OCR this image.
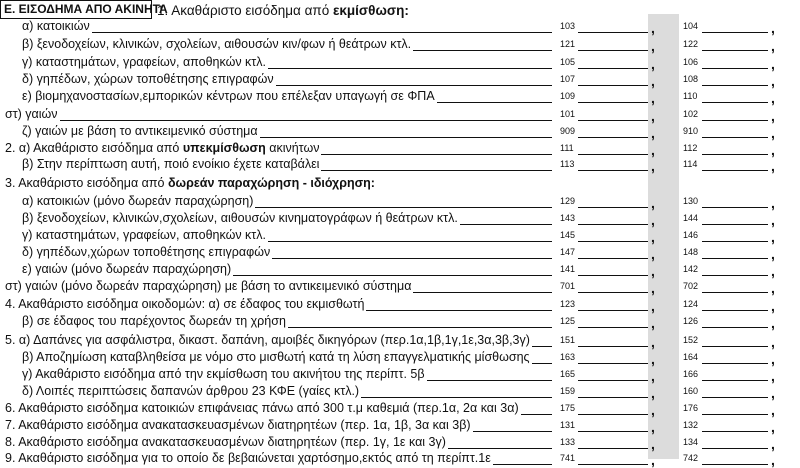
Ε. ΕΙΣΟΔΗΜΑ ΑΠΟ ΑΚΙΝΗΤΑ
1. Ακαθάριστο εισόδημα από εκμίσθωση:
α) κατοικιών	103	,	104	,
β) ξενοδοχείων, κλινικών, σχολείων, αιθουσών κιν/φων ή θεάτρων κτλ.	121	,	122	,
γ) καταστημάτων, γραφείων, αποθηκών κτλ.	105	,	106	,
δ) γηπέδων, χώρων τοποθέτησης επιγραφών	107	,	108	,
ε) βιομηχανοστασίων,εμπορικών κέντρων που επέλεξαν υπαγωγή σε ΦΠΑ	109	,	110	,
στ) γαιών	101	,	102	,
ζ) γαιών με βάση το αντικειμενικό σύστημα	909	,	910	,
2. α) Ακαθάριστο εισόδημα από υπεκμίσθωση ακινήτων	111	,	112	,
β) Στην περίπτωση αυτή, ποιό ενοίκιο έχετε καταβάλει	113	,	114	,
3. Ακαθάριστο εισόδημα από δωρεάν παραχώρηση - ιδιόχρηση:
α) κατοικιών (μόνο δωρεάν παραχώρηση)	129	,	130	,
β) ξενοδοχείων, κλινικών,σχολείων, αιθουσών κινηματογράφων ή θεάτρων κτλ.	143	,	144	,
γ) καταστημάτων, γραφείων, αποθηκών κτλ.	145	,	146	,
δ) γηπέδων,χώρων τοποθέτησης επιγραφών	147	,	148	,
ε) γαιών (μόνο δωρεάν παραχώρηση)	141	,	142	,
στ) γαιών (μόνο δωρεάν παραχώρηση) με βάση το αντικειμενικό σύστημα	701	,	702	,
4. Ακαθάριστο εισόδημα οικοδομών: α) σε έδαφος του εκμισθωτή	123	,	124	,
β) σε έδαφος του παρέχοντος δωρεάν τη χρήση	125	,	126	,
5. α) Δαπάνες για ασφάλιστρα, δικαστ. δαπάνη, αμοιβές δικηγόρων (περ.1α,1β,1γ,1ε,3α,3β,3γ)	151	,	152	,
β) Αποζημίωση καταβληθείσα με νόμο στο μισθωτή κατά τη λύση επαγγελματικής μίσθωσης	163	,	164	,
γ) Ακαθάριστο εισόδημα από την εκμίσθωση του ακινήτου της περίπτ. 5β	165	,	166	,
δ) Λοιπές περιπτώσεις δαπανών άρθρου 23 ΚΦΕ (γαίες κτλ.)	159	,	160	,
6. Ακαθάριστο εισόδημα κατοικιών επιφάνειας πάνω από 300 τ.μ καθεμιά (περ.1α, 2α και 3α)	175	,	176	,
7. Ακαθάριστο εισόδημα ανακατασκευασμένων διατηρητέων (περ. 1α, 1β, 3α και 3β)	131	,	132	,
8. Ακαθάριστο εισόδημα ανακατασκευασμένων διατηρητέων (περ. 1γ, 1ε και 3γ)	133	,	134	,
9. Ακαθάριστο εισόδημα για το οποίο δε βεβαιώνεται χαρτόσημο,εκτός από τη περίπτ.1ε	741	,	742	,
